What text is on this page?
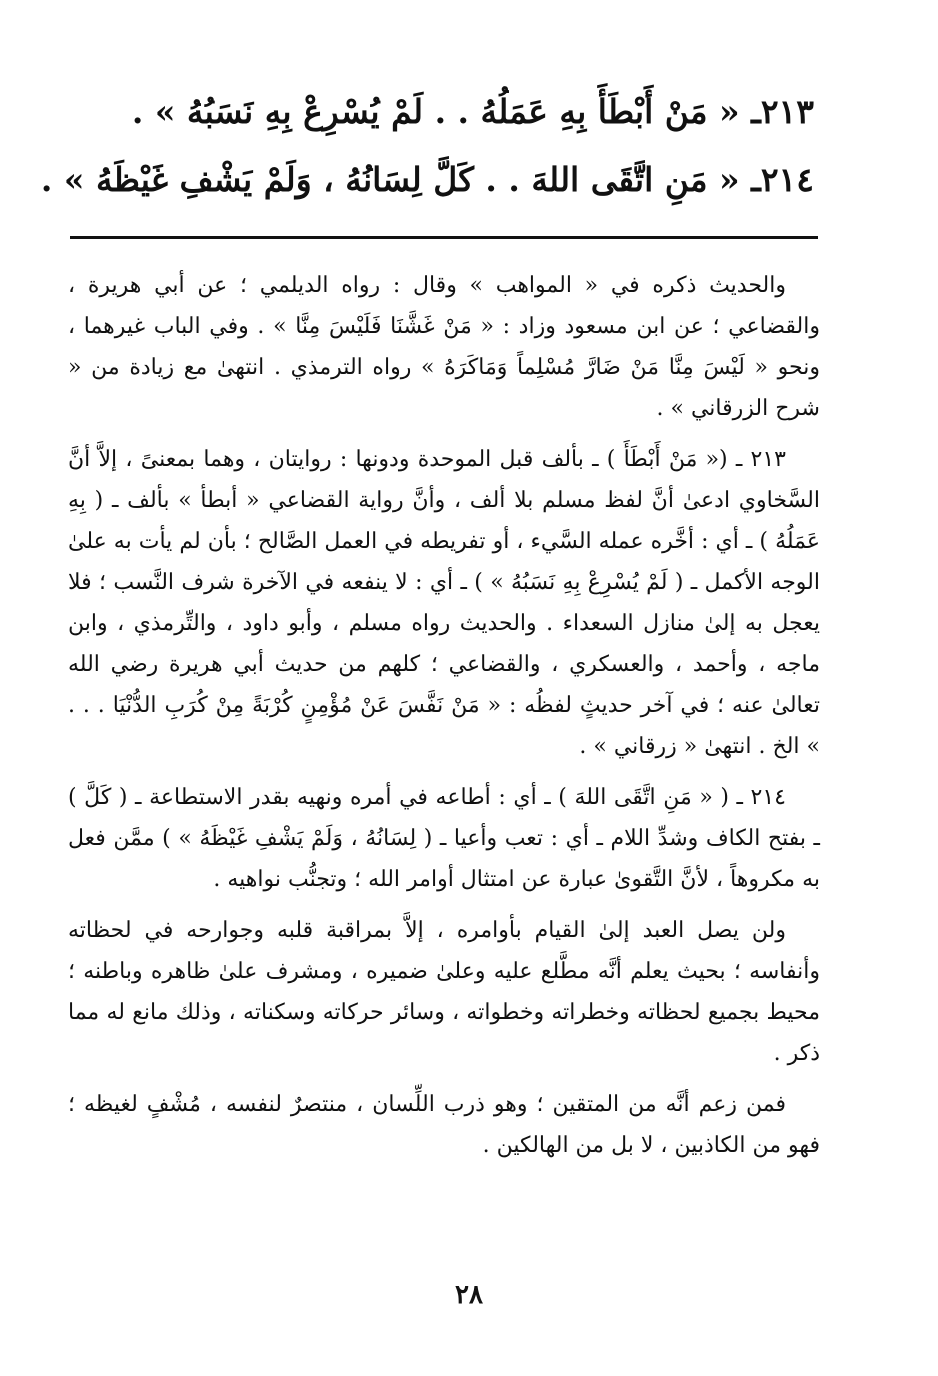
٢١٣ـ « مَنْ أَبْطَأَ بِهِ عَمَلُهُ . . لَمْ يُسْرِعْ بِهِ نَسَبُهُ » .
٢١٤ـ « مَنِ اتَّقَى اللهَ . . كَلَّ لِسَانُهُ ، وَلَمْ يَشْفِ غَيْظَهُ » .

والحديث ذكره في « المواهب » وقال : رواه الديلمي ؛ عن أبي هريرة ، والقضاعي ؛ عن ابن مسعود وزاد : « مَنْ غَشَّنَا فَلَيْسَ مِنَّا » . وفي الباب غيرهما ، ونحو « لَيْسَ مِنَّا مَنْ ضَارَّ مُسْلِماً وَمَاكَرَهُ » رواه الترمذي . انتهىٰ مع زيادة من « شرح الزرقاني » .

٢١٣ ـ (« مَنْ أَبْطَأَ ) ـ بألف قبل الموحدة ودونها : روايتان ، وهما بمعنىً ، إلاَّ أنَّ السَّخاوي ادعىٰ أنَّ لفظ مسلم بلا ألف ، وأنَّ رواية القضاعي « أبطأ » بألف ـ ( بِهِ عَمَلُهُ ) ـ أي : أخَّره عمله السَّيء ، أو تفريطه في العمل الصَّالح ؛ بأن لم يأت به علىٰ الوجه الأكمل ـ ( لَمْ يُسْرِعْ بِهِ نَسَبُهُ » ) ـ أي : لا ينفعه في الآخرة شرف النَّسب ؛ فلا يعجل به إلىٰ منازل السعداء . والحديث رواه مسلم ، وأبو داود ، والتِّرمذي ، وابن ماجه ، وأحمد ، والعسكري ، والقضاعي ؛ كلهم من حديث أبي هريرة رضي الله تعالىٰ عنه ؛ في آخر حديثٍ لفظُه : « مَنْ نَفَّسَ عَنْ مُؤْمِنٍ كُرْبَةً مِنْ كُرَبِ الدُّنْيَا . . . » الخ . انتهىٰ « زرقاني » .

٢١٤ ـ ( « مَنِ اتَّقَى اللهَ ) ـ أي : أطاعه في أمره ونهيه بقدر الاستطاعة ـ ( كَلَّ ) ـ بفتح الكاف وشدِّ اللام ـ أي : تعب وأعيا ـ ( لِسَانُهُ ، وَلَمْ يَشْفِ غَيْظَهُ » ) ممَّن فعل به مكروهاً ، لأنَّ التَّقوىٰ عبارة عن امتثال أوامر الله ؛ وتجنُّب نواهيه .

ولن يصل العبد إلىٰ القيام بأوامره ، إلاَّ بمراقبة قلبه وجوارحه في لحظاته وأنفاسه ؛ بحيث يعلم أنَّه مطَّلع عليه وعلىٰ ضميره ، ومشرف علىٰ ظاهره وباطنه ؛ محيط بجميع لحظاته وخطراته وخطواته ، وسائر حركاته وسكناته ، وذلك مانع له مما ذكر .

فمن زعم أنَّه من المتقين ؛ وهو ذرب اللِّسان ، منتصرٌ لنفسه ، مُشْفٍ لغيظه ؛ فهو من الكاذبين ، لا بل من الهالكين .

٢٨
